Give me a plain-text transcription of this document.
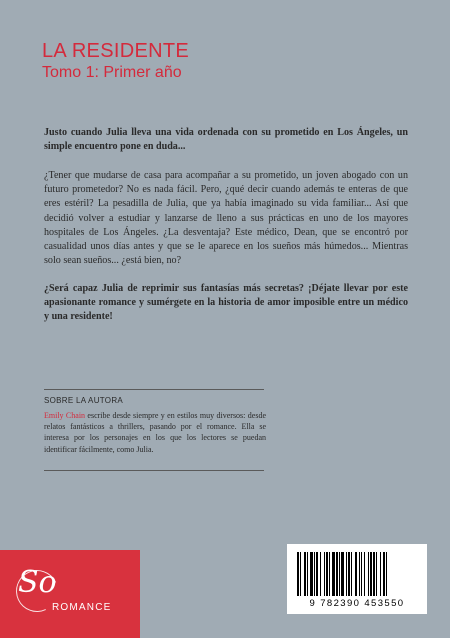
LA RESIDENTE
Tomo 1: Primer año

Justo cuando Julia lleva una vida ordenada con su prometido en Los Ángeles, un simple encuentro pone en duda...

¿Tener que mudarse de casa para acompañar a su prometido, un joven abogado con un futuro prometedor? No es nada fácil. Pero, ¿qué decir cuando además te enteras de que eres estéril? La pesadilla de Julia, que ya había imaginado su vida familiar... Así que decidió volver a estudiar y lanzarse de lleno a sus prácticas en uno de los mayores hospitales de Los Ángeles. ¿La desventaja? Este médico, Dean, que se encontró por casualidad unos días antes y que se le aparece en los sueños más húmedos... Mientras solo sean sueños... ¿está bien, no?

¿Será capaz Julia de reprimir sus fantasías más secretas? ¡Déjate llevar por este apasionante romance y sumérgete en la historia de amor imposible entre un médico y una residente!

SOBRE LA AUTORA

Emily Chain escribe desde siempre y en estilos muy diversos: desde relatos fantásticos a thrillers, pasando por el romance. Ella se interesa por los personajes en los que los lectores se puedan identificar fácilmente, como Julia.

So
ROMANCE	9 782390 453550
